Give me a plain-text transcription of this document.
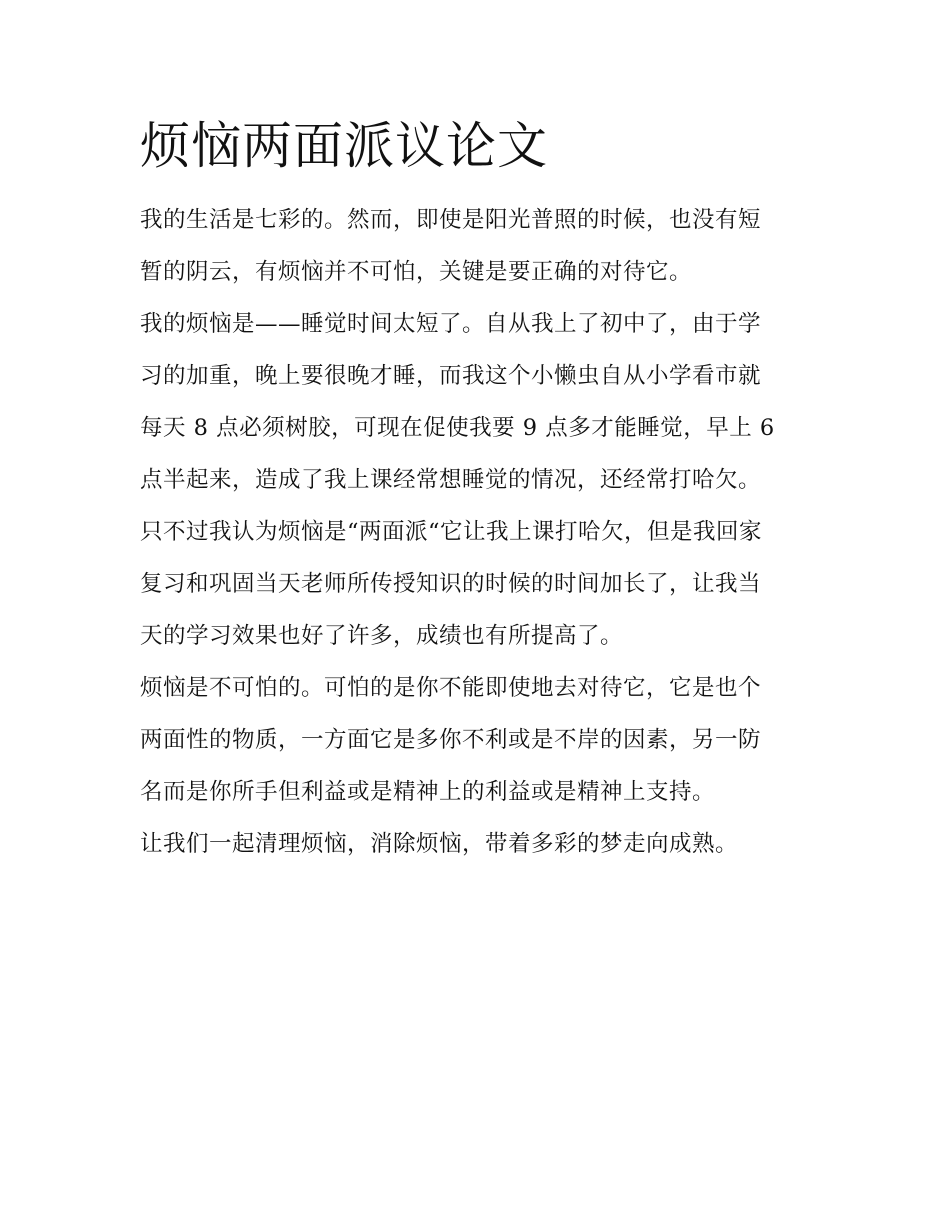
烦恼两面派议论文

我的生活是七彩的。然而，即使是阳光普照的时候，也没有短
暂的阴云，有烦恼并不可怕，关键是要正确的对待它。

我的烦恼是——睡觉时间太短了。自从我上了初中了，由于学
习的加重，晚上要很晚才睡，而我这个小懒虫自从小学看市就
每天 8 点必须树胶，可现在促使我要 9 点多才能睡觉，早上 6
点半起来，造成了我上课经常想睡觉的情况，还经常打哈欠。

只不过我认为烦恼是“两面派“它让我上课打哈欠，但是我回家
复习和巩固当天老师所传授知识的时候的时间加长了，让我当
天的学习效果也好了许多，成绩也有所提高了。

烦恼是不可怕的。可怕的是你不能即使地去对待它，它是也个
两面性的物质，一方面它是多你不利或是不岸的因素，另一防
名而是你所手但利益或是精神上的利益或是精神上支持。

让我们一起清理烦恼，消除烦恼，带着多彩的梦走向成熟。
